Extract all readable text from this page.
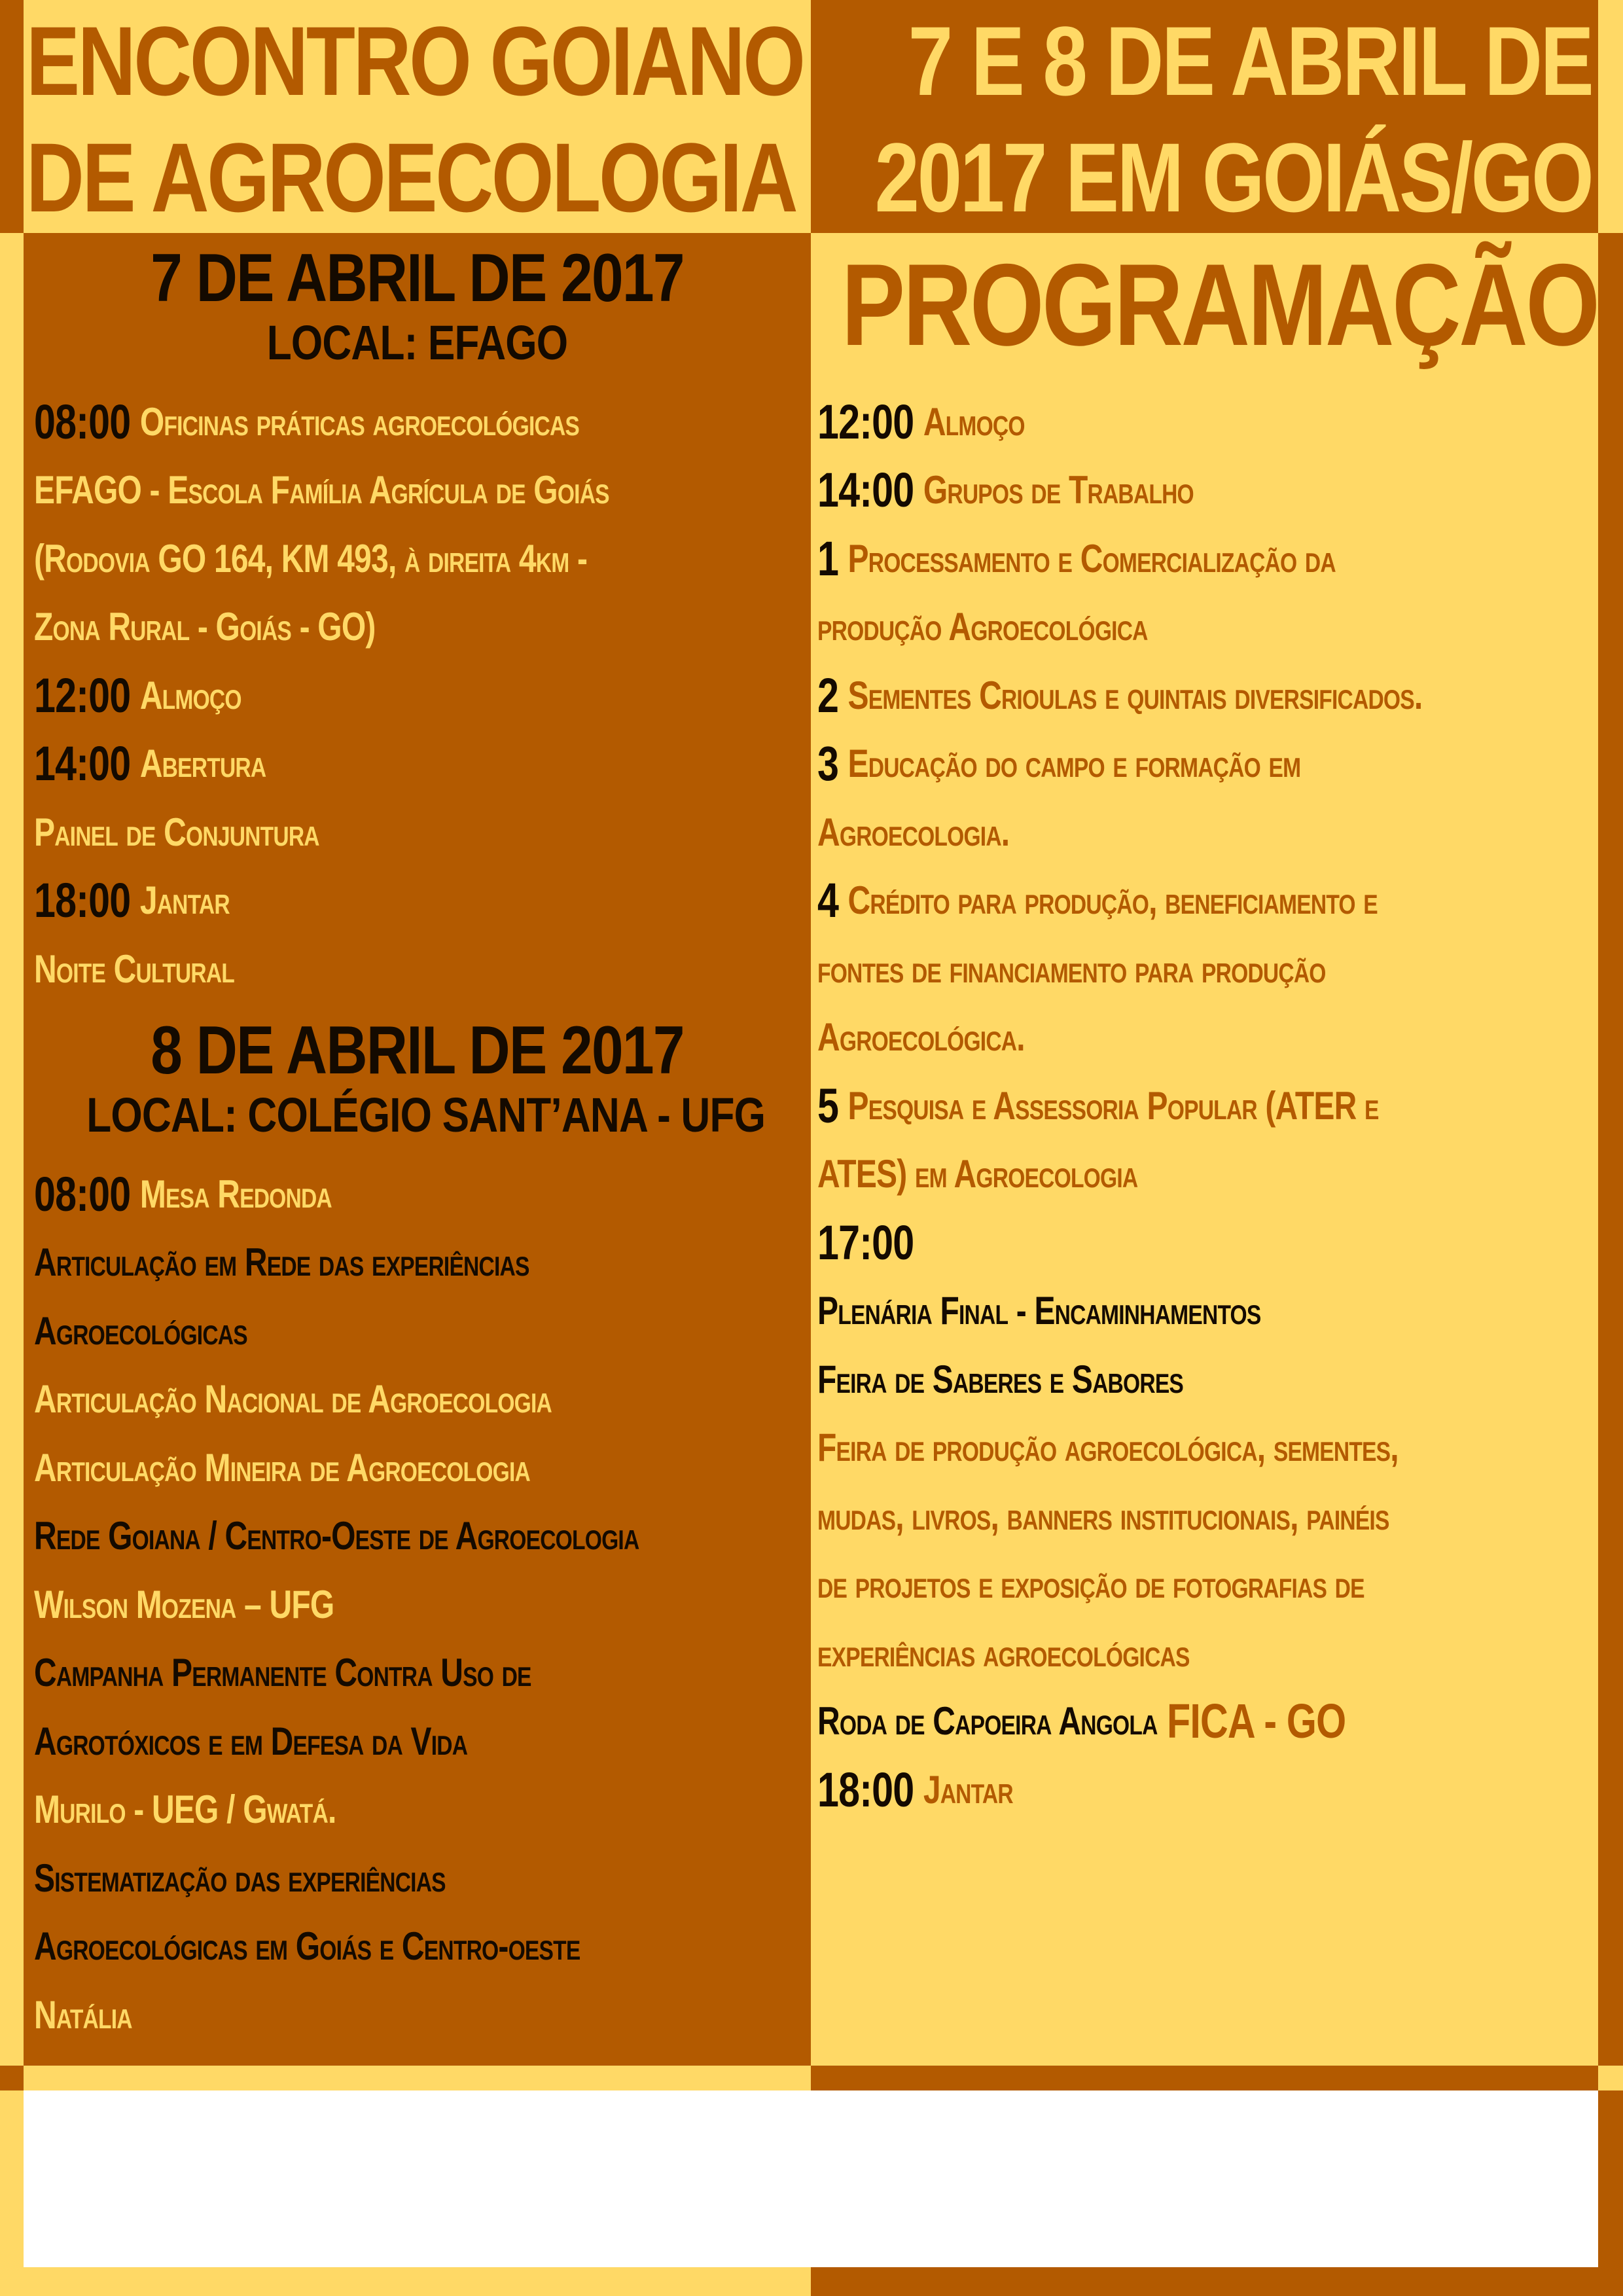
ENCONTRO GOIANO
DE AGROECOLOGIA
7 E 8 DE ABRIL DE
2017 EM GOIÁS/GO
7 DE ABRIL DE 2017
LOCAL: EFAGO
08:00 Oficinas práticas agroecológicas
EFAGO - Escola Família Agrícula de Goiás
(Rodovia GO 164, KM 493, à direita 4km -
Zona Rural - Goiás - GO)
12:00 Almoço
14:00 Abertura
Painel de Conjuntura
18:00 Jantar
Noite Cultural
8 DE ABRIL DE 2017
LOCAL: COLÉGIO SANT’ANA - UFG
08:00 Mesa Redonda
Articulação em Rede das experiências
Agroecológicas
Articulação Nacional de Agroecologia
Articulação Mineira de Agroecologia
Rede Goiana / Centro-Oeste de Agroecologia
Wilson Mozena – UFG
Campanha Permanente Contra Uso de
Agrotóxicos e em Defesa da Vida
Murilo - UEG / Gwatá.
Sistematização das experiências
Agroecológicas em Goiás e Centro-oeste
Natália
PROGRAMAÇÃO
12:00 Almoço
14:00 Grupos de Trabalho
1 Processamento e Comercialização da
produção Agroecológica
2 Sementes Crioulas e quintais diversificados.
3 Educação do campo e formação em
Agroecologia.
4 Crédito para produção, beneficiamento e
fontes de financiamento para produção
Agroecológica.
5 Pesquisa e Assessoria Popular (ATER e
ATES) em Agroecologia
17:00
Plenária Final - Encaminhamentos
Feira de Saberes e Sabores
Feira de produção agroecológica, sementes,
mudas, livros, banners institucionais, painéis
de projetos e exposição de fotografias de
experiências agroecológicas
Roda de Capoeira Angola FICA - GO
18:00 Jantar
